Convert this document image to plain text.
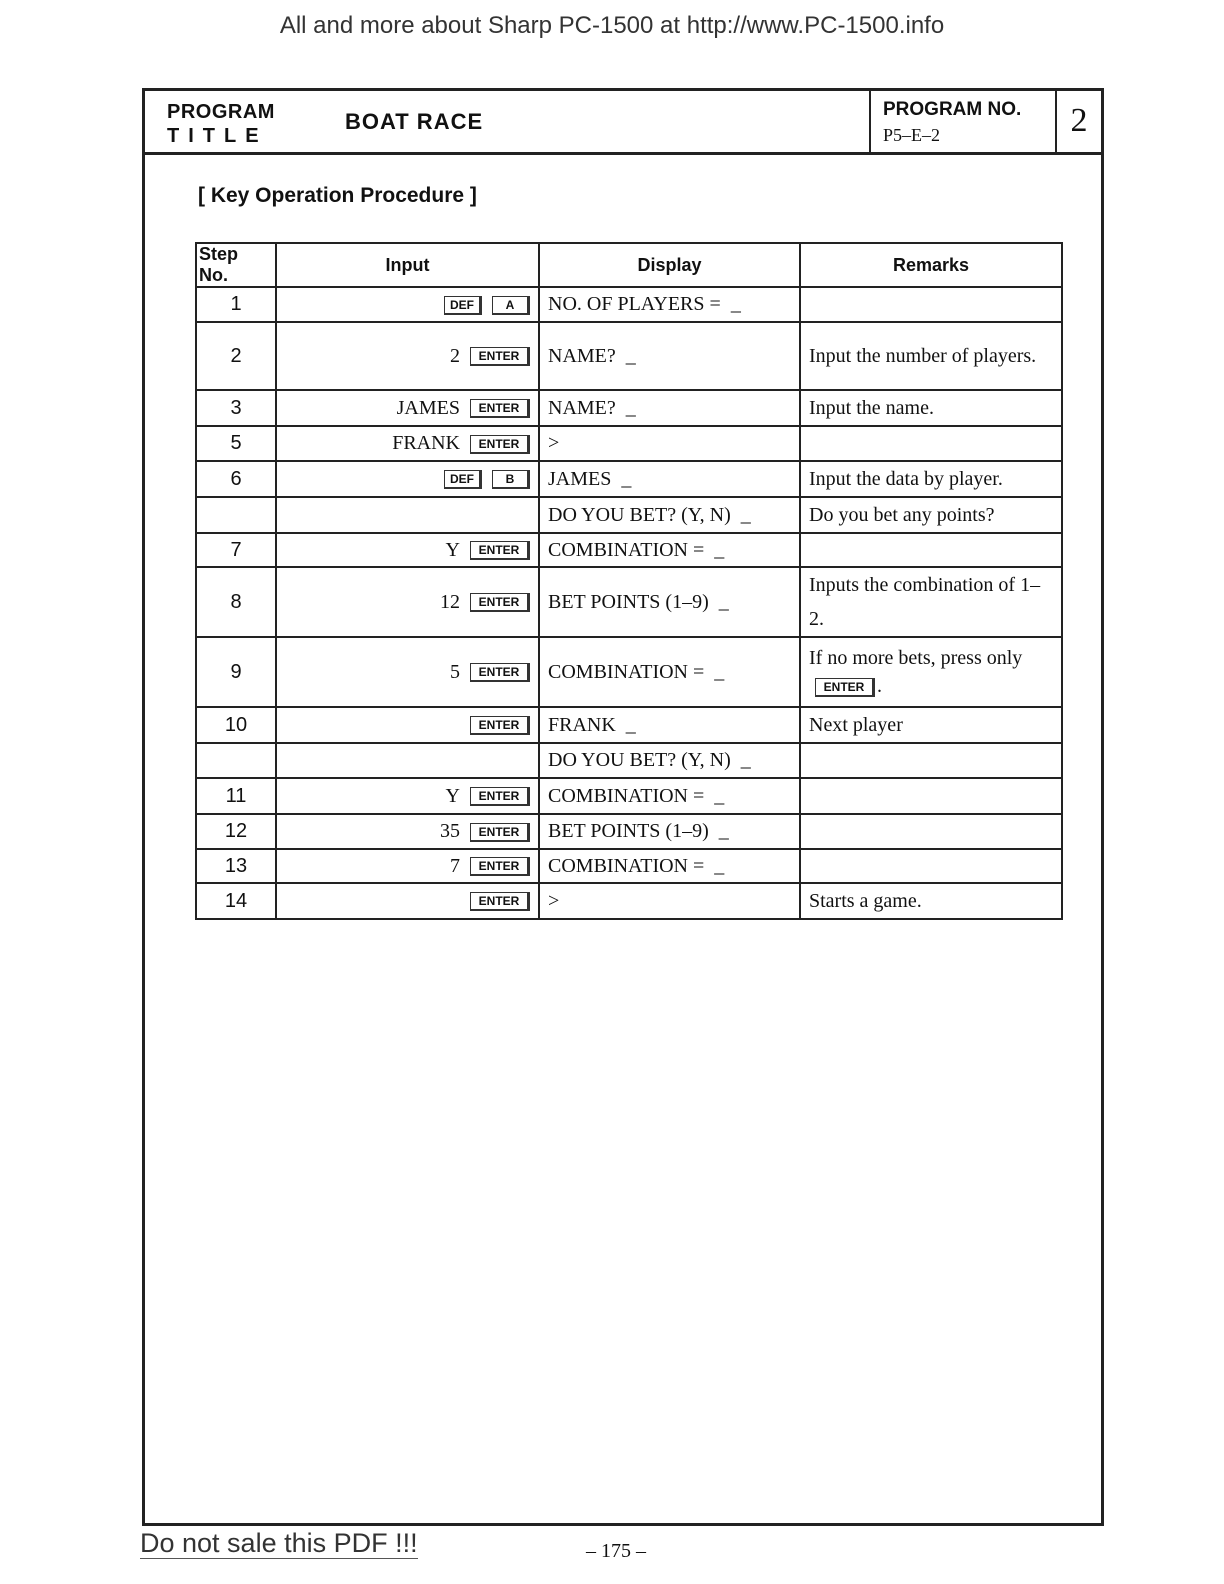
All and more about Sharp PC-1500 at http://www.PC-1500.info
PROGRAM
TITLE
BOAT RACE	PROGRAM NO.
P5–E–2	2
[ Key Operation Procedure ]
Step No.	Input	Display	Remarks
1	DEF A	NO. OF PLAYERS = _	
2	2 ENTER	NAME? _	Input the number of players.
3	JAMES ENTER	NAME? _	Input the name.
5	FRANK ENTER	>	
6	DEF B	JAMES _	Input the data by player.
		DO YOU BET? (Y, N) _	Do you bet any points?
7	Y ENTER	COMBINATION = _	
8	12 ENTER	BET POINTS (1–9) _	Inputs the combination of 1–2.
9	5 ENTER	COMBINATION = _	If no more bets, press onlyENTER .
10	ENTER	FRANK _	Next player
		DO YOU BET? (Y, N) _	
11	Y ENTER	COMBINATION = _	
12	35 ENTER	BET POINTS (1–9) _	
13	7 ENTER	COMBINATION = _	
14	ENTER	>	Starts a game.
Do not sale this PDF !!!	– 175 –
